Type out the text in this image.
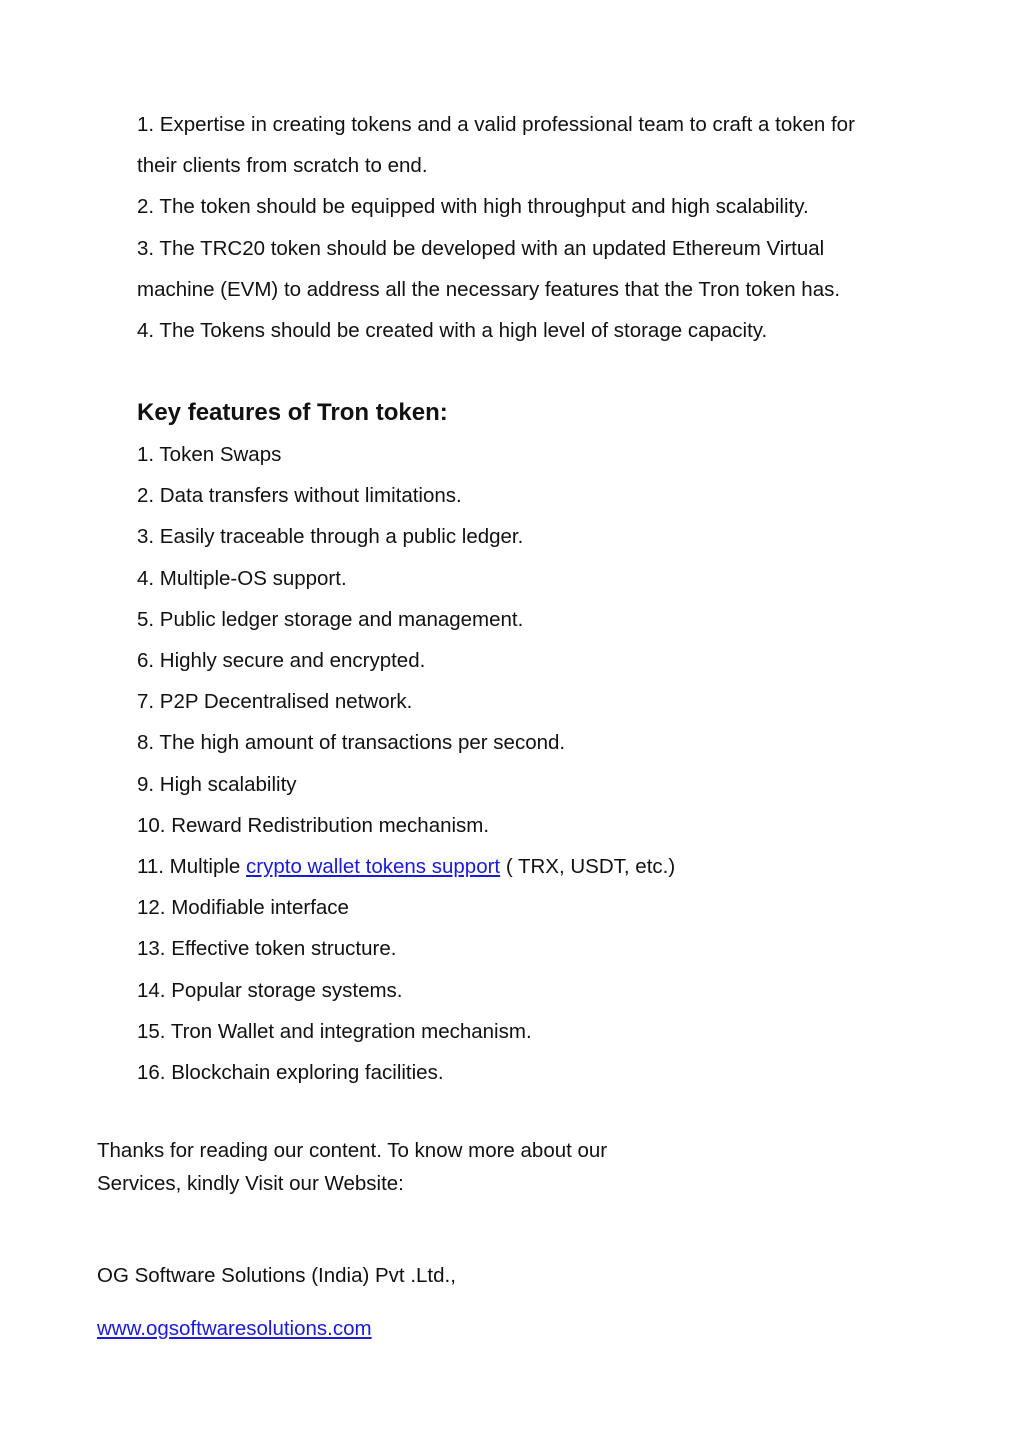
1. Expertise in creating tokens and a valid professional team to craft a token for
their clients from scratch to end.
2. The token should be equipped with high throughput and high scalability.
3. The TRC20 token should be developed with an updated Ethereum Virtual
machine (EVM) to address all the necessary features that the Tron token has.
4. The Tokens should be created with a high level of storage capacity.
Key features of Tron token:
1. Token Swaps
2. Data transfers without limitations.
3. Easily traceable through a public ledger.
4. Multiple-OS support.
5. Public ledger storage and management.
6. Highly secure and encrypted.
7. P2P Decentralised network.
8. The high amount of transactions per second.
9. High scalability
10. Reward Redistribution mechanism.
11. Multiple crypto wallet tokens support ( TRX, USDT, etc.)
12. Modifiable interface
13. Effective token structure.
14. Popular storage systems.
15. Tron Wallet and integration mechanism.
16. Blockchain exploring facilities.
Thanks for reading our content. To know more about our
Services, kindly Visit our Website:
OG Software Solutions (India) Pvt .Ltd.,
www.ogsoftwaresolutions.com
